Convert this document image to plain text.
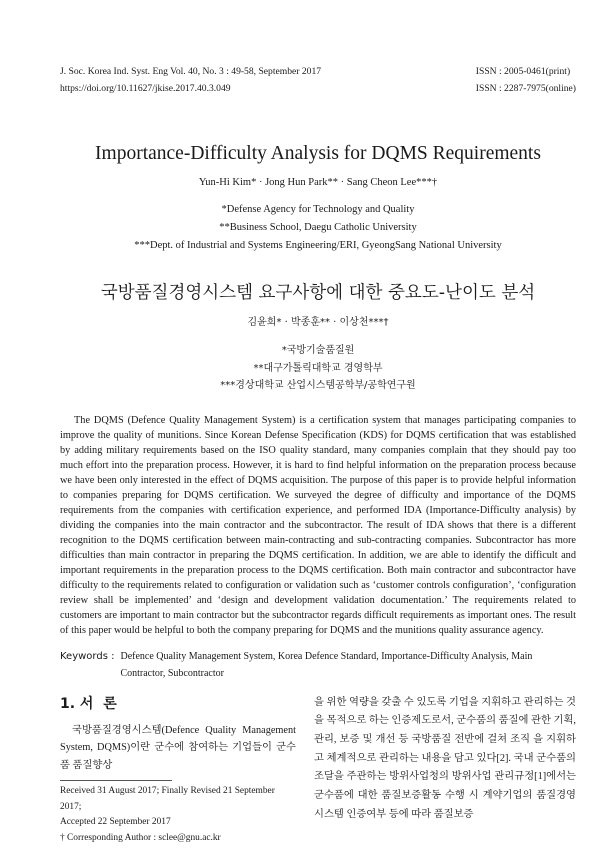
J. Soc. Korea Ind. Syst. Eng Vol. 40, No. 3 : 49-58, September 2017
https://doi.org/10.11627/jkise.2017.40.3.049
ISSN : 2005-0461(print)
ISSN : 2287-7975(online)
Importance-Difficulty Analysis for DQMS Requirements
Yun-Hi Kim* · Jong Hun Park** · Sang Cheon Lee***†
*Defense Agency for Technology and Quality
**Business School, Daegu Catholic University
***Dept. of Industrial and Systems Engineering/ERI, GyeongSang National University
국방품질경영시스템 요구사항에 대한 중요도-난이도 분석
김윤희* · 박종훈** · 이상천***†
*국방기술품질원
**대구가톨릭대학교 경영학부
***경상대학교 산업시스템공학부/공학연구원

The DQMS (Defence Quality Management System) is a certification system that manages participating companies to improve the quality of munitions. Since Korean Defense Specification (KDS) for DQMS certification that was established by adding military requirements based on the ISO quality standard, many companies complain that they should pay too much effort into the preparation process. However, it is hard to find helpful information on the preparation process because we have been only interested in the effect of DQMS acquisition. The purpose of this paper is to provide helpful information to companies preparing for DQMS certification. We surveyed the degree of difficulty and importance of the DQMS requirements from the companies with certification experience, and performed IDA (Importance-Difficulty analysis) by dividing the companies into the main contractor and the subcontractor. The result of IDA shows that there is a different recognition to the DQMS certification between main-contracting and sub-contracting companies. Subcontractor has more difficulties than main contractor in preparing the DQMS certification. In addition, we are able to identify the difficult and important requirements in the preparation process to the DQMS certification. Both main contractor and subcontractor have difficulty to the requirements related to configuration or validation such as ‘customer controls configuration’, ‘configuration review shall be implemented’ and ‘design and development validation documentation.’ The requirements related to customers are important to main contractor but the subcontractor regards difficult requirements as important ones. The resultof this paper would be helpful to both the company preparing for DQMS and the munitions quality assurance agency.

Keywords : Defence Quality Management System, Korea Defence Standard, Importance-Difficulty Analysis, Main Contractor, Subcontractor
1. 서  론
국방품질경영시스템(Defence Quality Management System, DQMS)이란 군수에 참여하는 기업들이 군수품 품질향상
Received 31 August 2017; Finally Revised 21 September 2017;
Accepted 22 September 2017
† Corresponding Author : sclee@gnu.ac.kr
을 위한 역량을 갖출 수 있도록 기업을 지휘하고 관리하는 것을 목적으로 하는 인증제도로서, 군수품의 품질에 관한 기획, 관리, 보증 및 개선 등 국방품질 전반에 걸쳐 조직 을 지휘하고 체계적으로 관리하는 내용을 담고 있다[2]. 국내 군수품의 조달을 주관하는 방위사업청의 방위사업 관리규정[1]에서는 군수품에 대한 품질보증활동 수행 시 계약기업의 품질경영시스템 인증여부 등에 따라 품질보증
